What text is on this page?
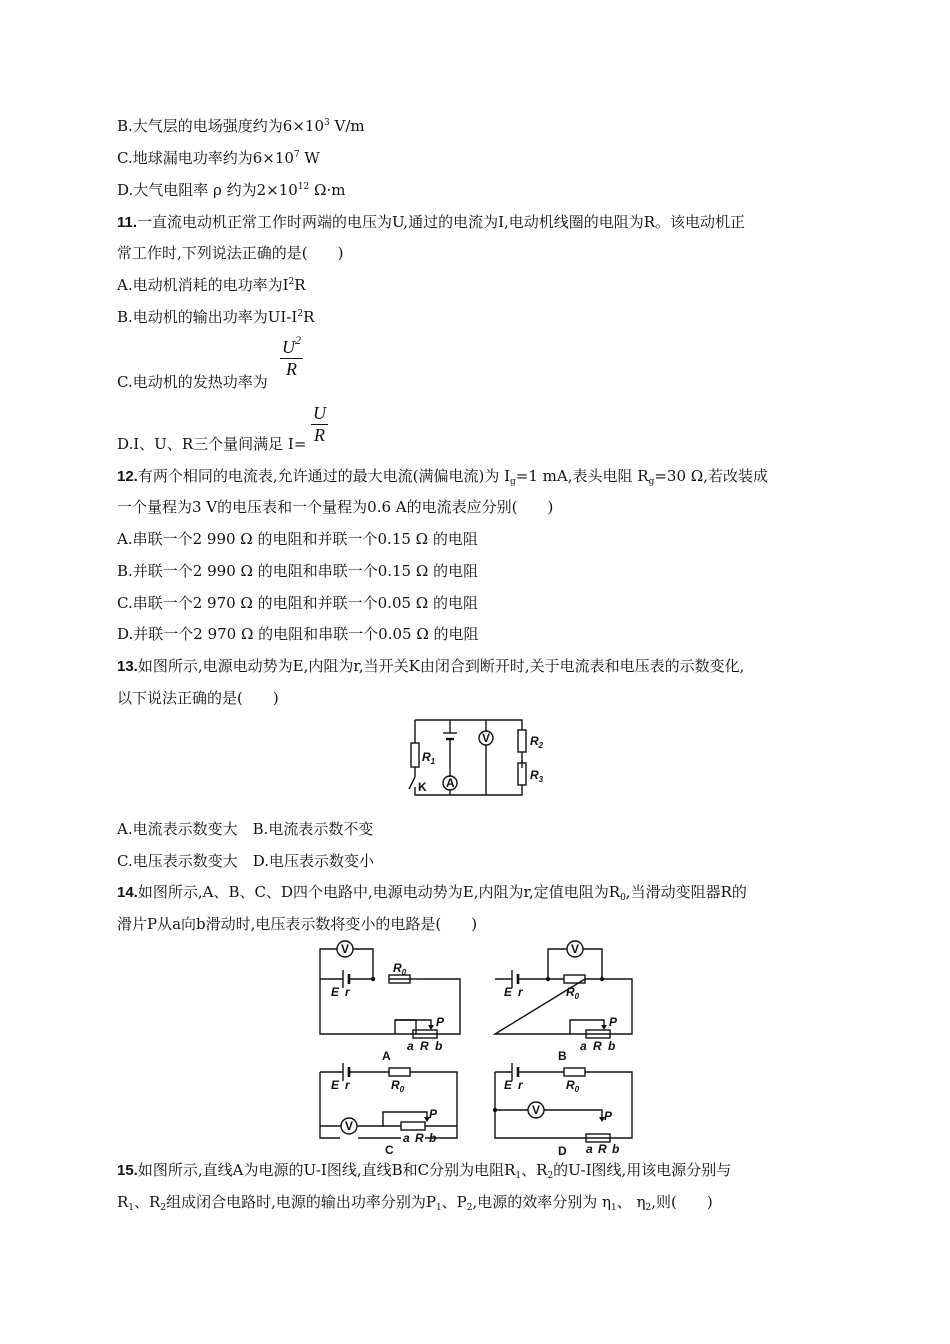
B.大气层的电场强度约为$6\times 10^3$ V/m
C.地球漏电功率约为$6\times 10^7$ W
D.大气电阻率 ρ 约为$2\times 10^{12}$ Ω·m
11.一直流电动机正常工作时两端的电压为U,通过的电流为I,电动机线圈的电阻为R。该电动机正
常工作时,下列说法正确的是(　　)
A.电动机消耗的电功率为$I^2R$
B.电动机的输出功率为$UI-I^2R$
C.电动机的发热功率为
$\frac{U^2}{R}$
D.I、U、R三个量间满足 $I= \frac{U}{R}$
12.有两个相同的电流表,允许通过的最大电流(满偏电流)为 $I_g=1$ mA,表头电阻 $R_g=30$ Ω,若改装成
一个量程为3 V的电压表和一个量程为0.6 A的电流表应分别(　　)
A.串联一个2 990 Ω 的电阻和并联一个0.15 Ω 的电阻
B.并联一个2 990 Ω 的电阻和串联一个0.15 Ω 的电阻
C.串联一个2 970 Ω 的电阻和并联一个0.05 Ω 的电阻
D.并联一个2 970 Ω 的电阻和串联一个0.05 Ω 的电阻
13.如图所示,电源电动势为E,内阻为r,当开关K由闭合到断开时,关于电流表和电压表的示数变化,
以下说法正确的是(　　)
$R_1$
K A
V	$R_2$
$R_3$
A.电流表示数变大　B.电流表示数不变
C.电压表示数变大　D.电压表示数变小
14.如图所示,A、B、C、D四个电路中,电源电动势为E,内阻为r,定值电阻为$R_0$,当滑动变阻器R的
滑片P从a向b滑动时,电压表示数将变小的电路是(　　)
V
E r
$R_0$
P
a R b
A
V
E r	$R_0$
P
a R b
B
E r	$R_0$
V
P
a R b
C
E r	$R_0$
V	P
a R b
D
15.如图所示,直线A为电源的U-I图线,直线B和C分别为电阻$R_1$、$R_2$的U-I图线,用该电源分别与
$R_1$、$R_2$组成闭合电路时,电源的输出功率分别为$P_1$、$P_2$,电源的效率分别为 $\eta_1$、 $\eta_2$,则(　　)
